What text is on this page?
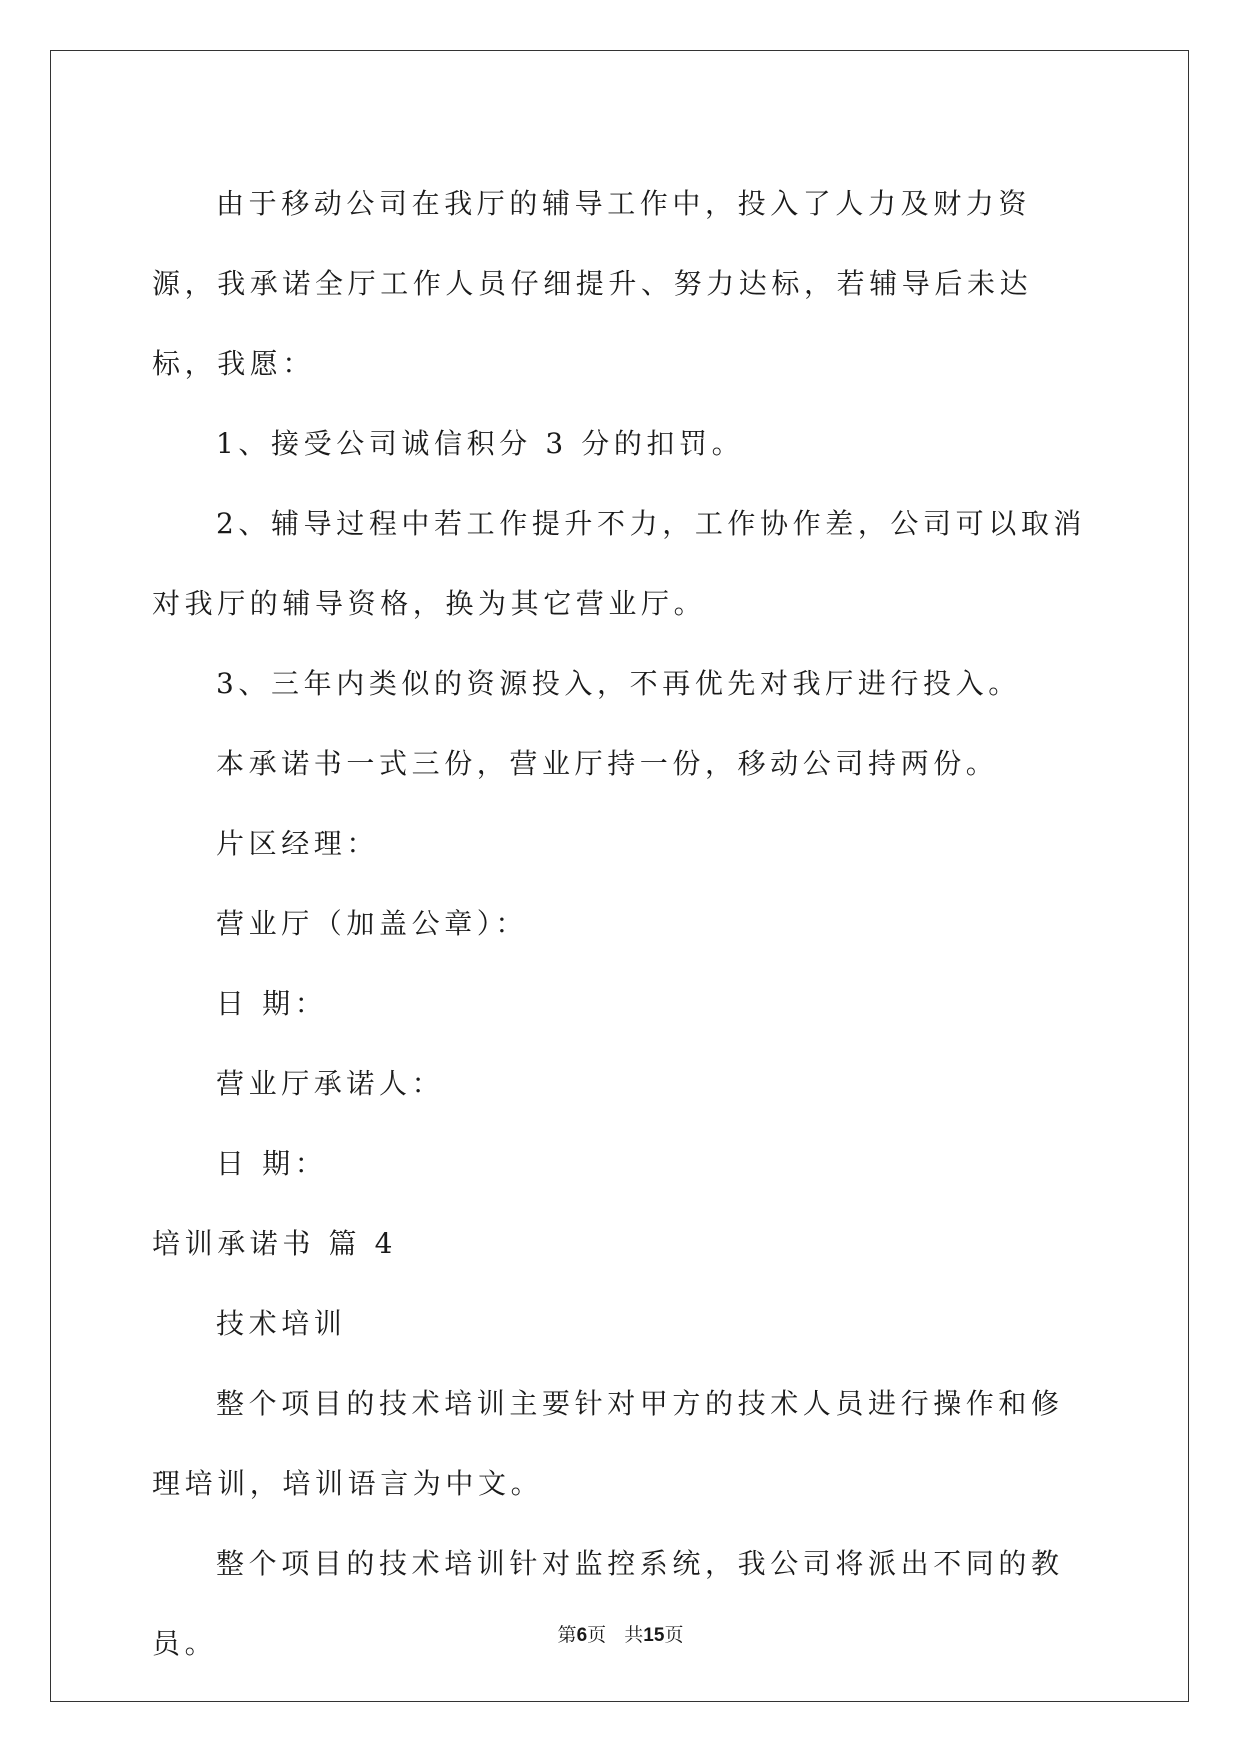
由于移动公司在我厅的辅导工作中，投入了人力及财力资源，我承诺全厅工作人员仔细提升、努力达标，若辅导后未达标，我愿：

1、接受公司诚信积分 3 分的扣罚。

2、辅导过程中若工作提升不力，工作协作差，公司可以取消对我厅的辅导资格，换为其它营业厅。

3、三年内类似的资源投入，不再优先对我厅进行投入。

本承诺书一式三份，营业厅持一份，移动公司持两份。

片区经理：

营业厅（加盖公章）：

日 期：

营业厅承诺人：

日 期：

培训承诺书 篇 4

技术培训

整个项目的技术培训主要针对甲方的技术人员进行操作和修理培训，培训语言为中文。

整个项目的技术培训针对监控系统，我公司将派出不同的教员。	第6页 共15页
